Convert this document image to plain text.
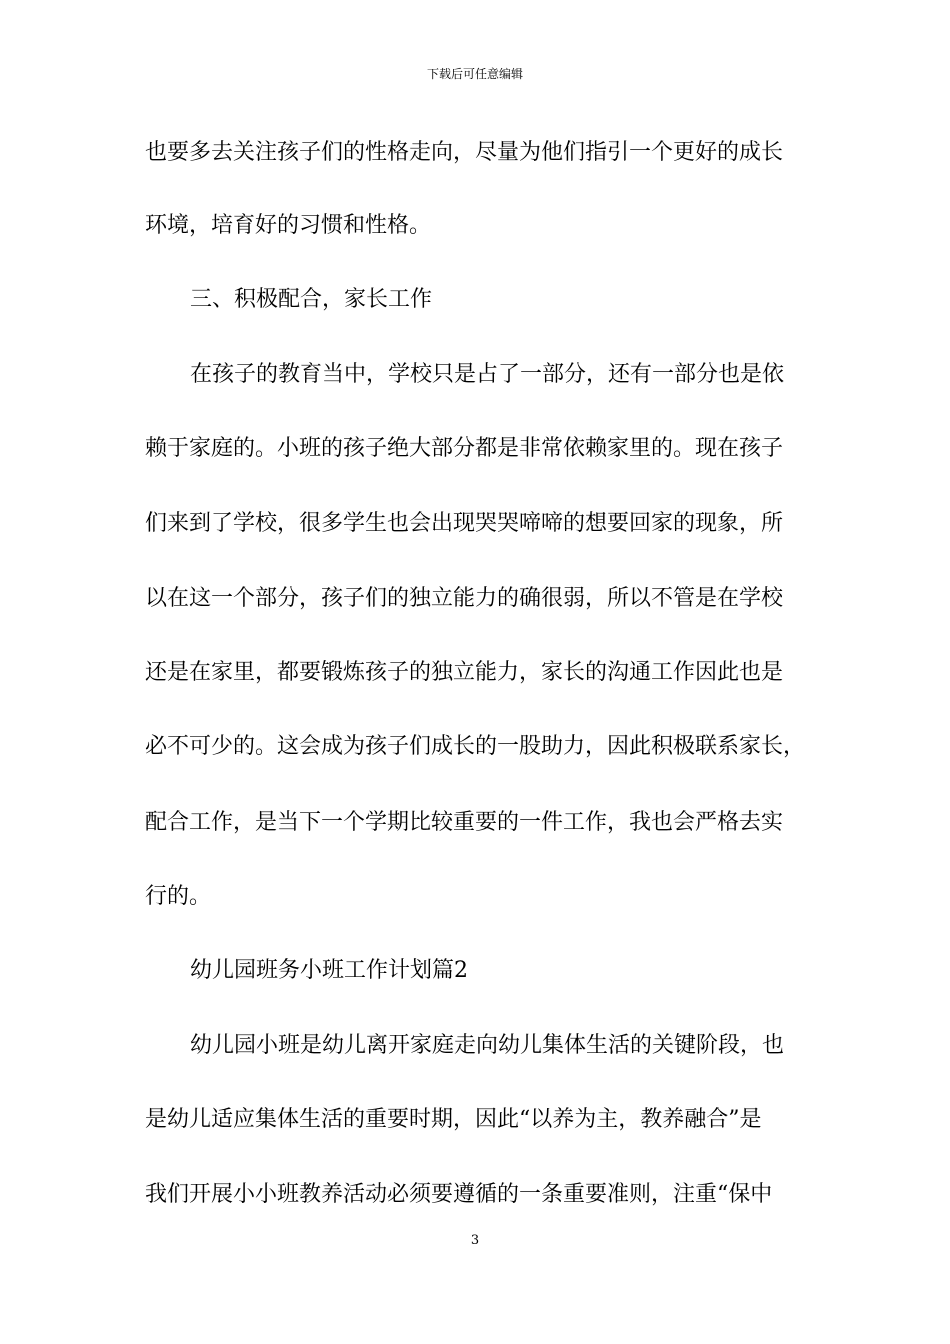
下载后可任意编辑
也要多去关注孩子们的性格走向，尽量为他们指引一个更好的成长
环境，培育好的习惯和性格。
三、积极配合，家长工作
在孩子的教育当中，学校只是占了一部分，还有一部分也是依
赖于家庭的。小班的孩子绝大部分都是非常依赖家里的。现在孩子
们来到了学校，很多学生也会出现哭哭啼啼的想要回家的现象，所
以在这一个部分，孩子们的独立能力的确很弱，所以不管是在学校
还是在家里，都要锻炼孩子的独立能力，家长的沟通工作因此也是
必不可少的。这会成为孩子们成长的一股助力，因此积极联系家长，
配合工作，是当下一个学期比较重要的一件工作，我也会严格去实
行的。
幼儿园班务小班工作计划篇2
幼儿园小班是幼儿离开家庭走向幼儿集体生活的关键阶段，也
是幼儿适应集体生活的重要时期，因此“以养为主，教养融合”是
我们开展小小班教养活动必须要遵循的一条重要准则，注重“保中
3
